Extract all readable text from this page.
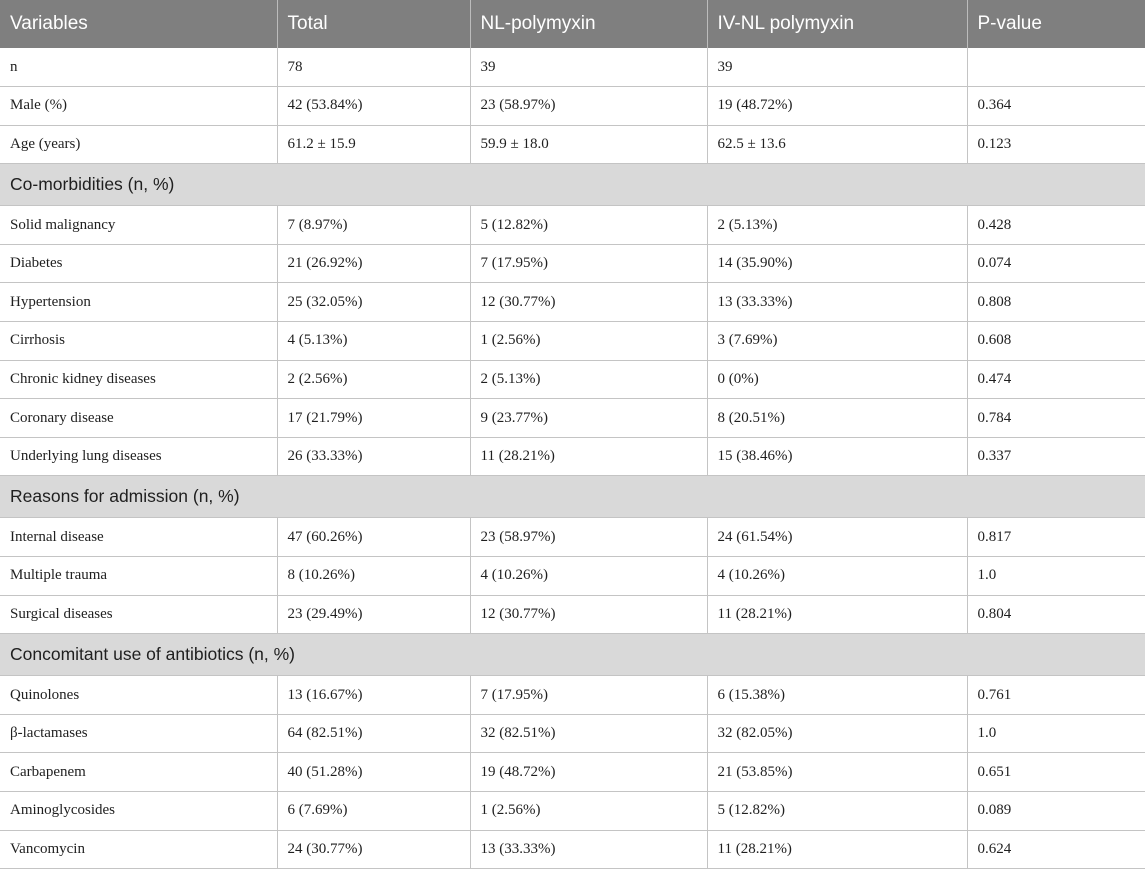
Variables	Total	NL-polymyxin	IV-NL polymyxin	P-value
n	78	39	39	
Male (%)	42 (53.84%)	23 (58.97%)	19 (48.72%)	0.364
Age (years)	61.2 ± 15.9	59.9 ± 18.0	62.5 ± 13.6	0.123
Co-morbidities (n, %)				
Solid malignancy	7 (8.97%)	5 (12.82%)	2 (5.13%)	0.428
Diabetes	21 (26.92%)	7 (17.95%)	14 (35.90%)	0.074
Hypertension	25 (32.05%)	12 (30.77%)	13 (33.33%)	0.808
Cirrhosis	4 (5.13%)	1 (2.56%)	3 (7.69%)	0.608
Chronic kidney diseases	2 (2.56%)	2 (5.13%)	0 (0%)	0.474
Coronary disease	17 (21.79%)	9 (23.77%)	8 (20.51%)	0.784
Underlying lung diseases	26 (33.33%)	11 (28.21%)	15 (38.46%)	0.337
Reasons for admission (n, %)				
Internal disease	47 (60.26%)	23 (58.97%)	24 (61.54%)	0.817
Multiple trauma	8 (10.26%)	4 (10.26%)	4 (10.26%)	1.0
Surgical diseases	23 (29.49%)	12 (30.77%)	11 (28.21%)	0.804
Concomitant use of antibiotics (n, %)				
Quinolones	13 (16.67%)	7 (17.95%)	6 (15.38%)	0.761
β-lactamases	64 (82.51%)	32 (82.51%)	32 (82.05%)	1.0
Carbapenem	40 (51.28%)	19 (48.72%)	21 (53.85%)	0.651
Aminoglycosides	6 (7.69%)	1 (2.56%)	5 (12.82%)	0.089
Vancomycin	24 (30.77%)	13 (33.33%)	11 (28.21%)	0.624
